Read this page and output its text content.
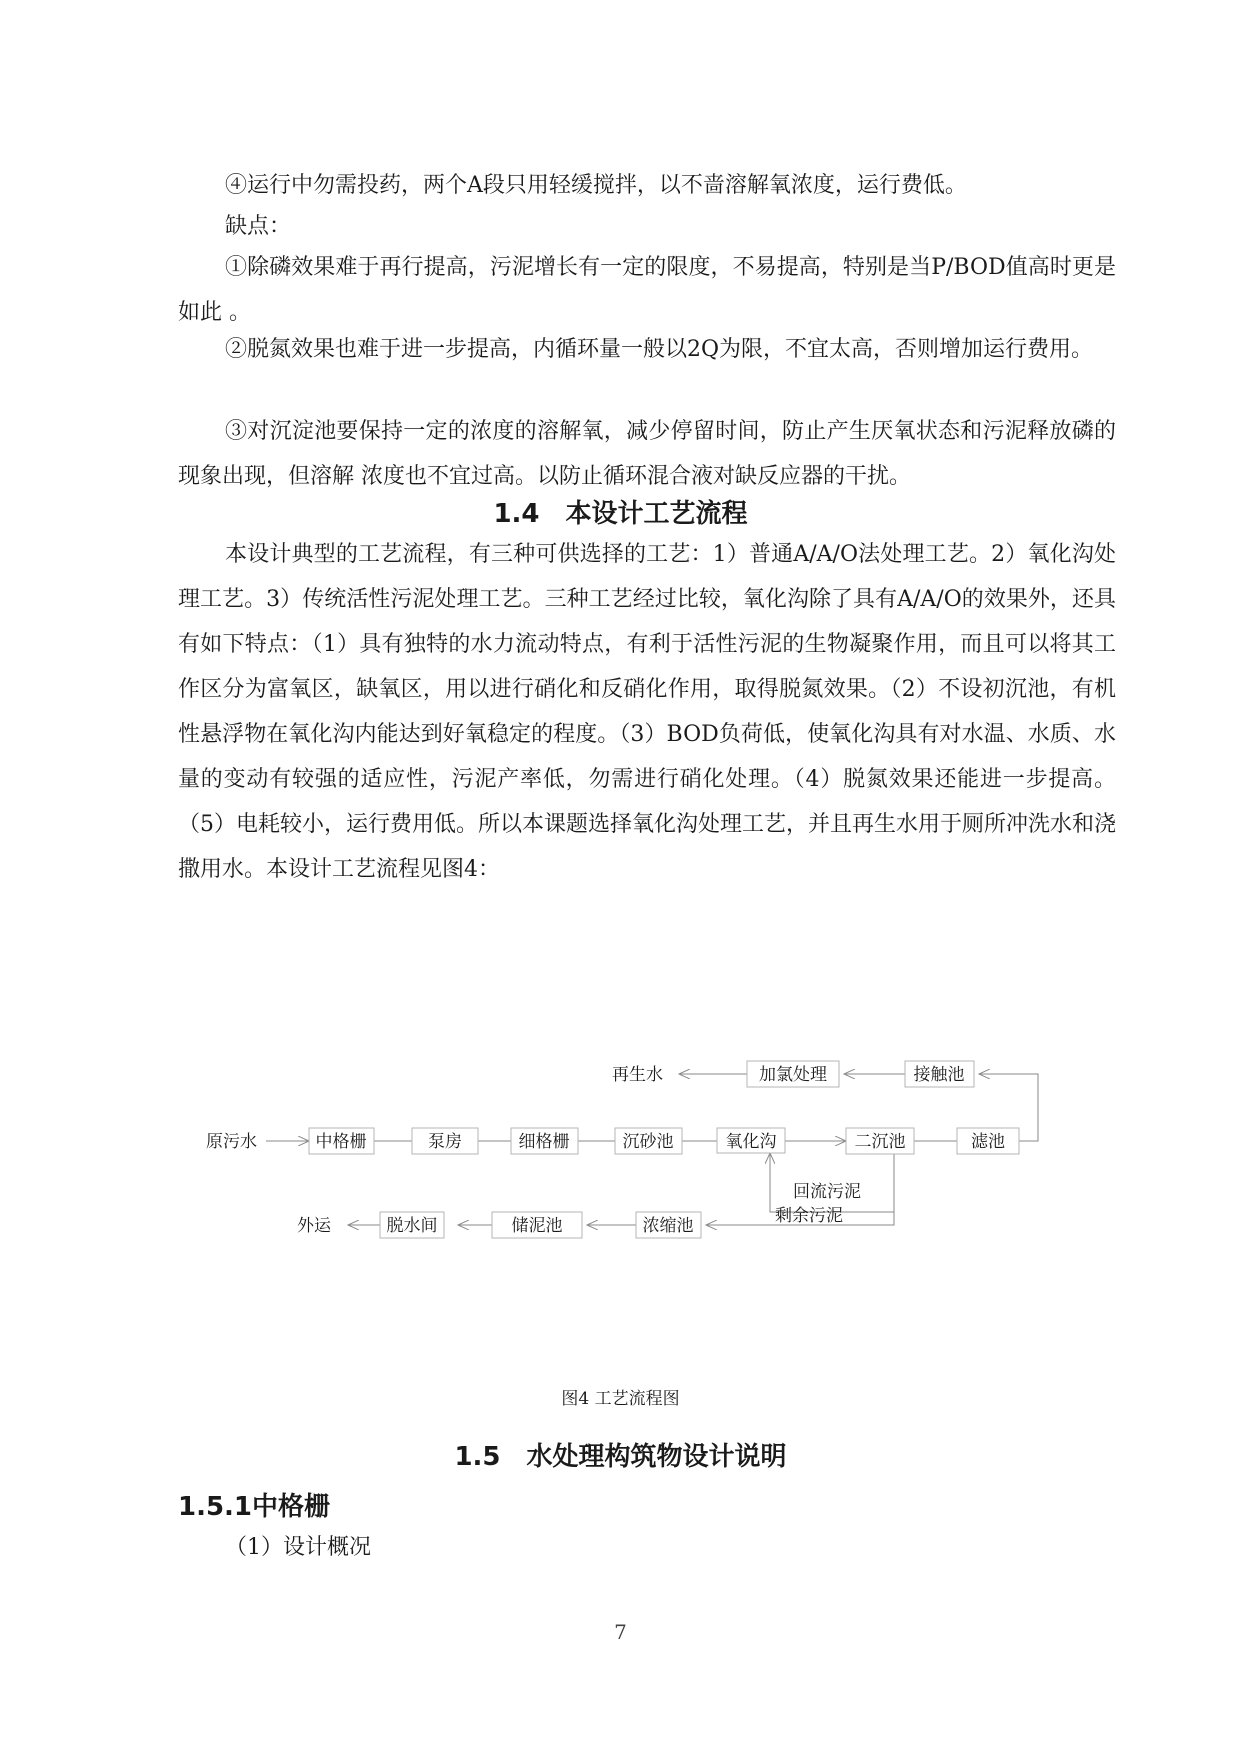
④运行中勿需投药，两个A段只用轻缓搅拌，以不啬溶解氧浓度，运行费低。

缺点：

①除磷效果难于再行提高，污泥增长有一定的限度，不易提高，特别是当P/BOD值高时更是如此 。

②脱氮效果也难于进一步提高，内循环量一般以2Q为限，不宜太高，否则增加运行费用。

③对沉淀池要保持一定的浓度的溶解氧，减少停留时间，防止产生厌氧状态和污泥释放磷的现象出现，但溶解 浓度也不宜过高。以防止循环混合液对缺反应器的干扰。

1.4　本设计工艺流程

本设计典型的工艺流程，有三种可供选择的工艺：1）普通A/A/O法处理工艺。2）氧化沟处理工艺。3）传统活性污泥处理工艺。三种工艺经过比较，氧化沟除了具有A/A/O的效果外，还具有如下特点：（1）具有独特的水力流动特点，有利于活性污泥的生物凝聚作用，而且可以将其工作区分为富氧区，缺氧区，用以进行硝化和反硝化作用，取得脱氮效果。（2）不设初沉池，有机性悬浮物在氧化沟内能达到好氧稳定的程度。（3）BOD负荷低，使氧化沟具有对水温、水质、水量的变动有较强的适应性，污泥产率低，勿需进行硝化处理。（4）脱氮效果还能进一步提高。（5）电耗较小，运行费用低。所以本课题选择氧化沟处理工艺，并且再生水用于厕所冲洗水和浇撒用水。本设计工艺流程见图4：

中格栅	泵房	细格栅	沉砂池	氧化沟	二沉池	滤池
原污水
接触池
加氯处理
再生水
回流污泥
剩余污泥
浓缩池
储泥池
脱水间
外运

图4 工艺流程图

1.5　水处理构筑物设计说明
1.5.1中格栅

（1）设计概况

7
